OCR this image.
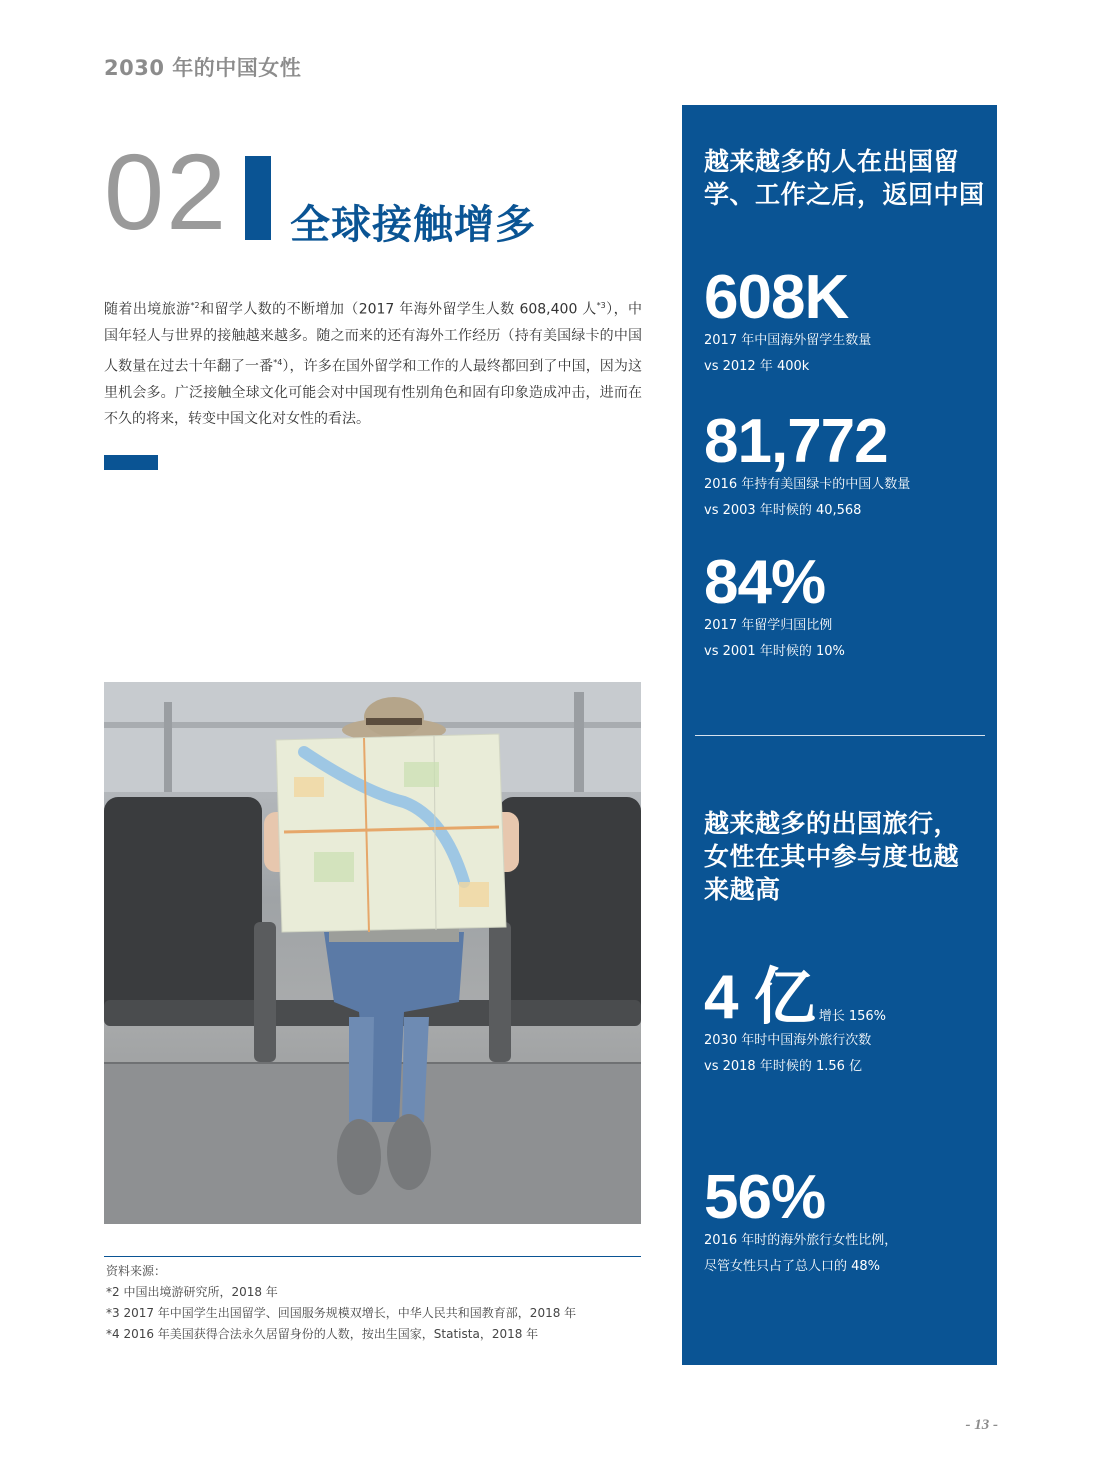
2030 年的中国女性
02 全球接触增多
随着出境旅游$^{*2}$和留学人数的不断增加（2017 年海外留学生人数 608,400 人$^{*3}$），中国年轻人与世界的接触越来越多。随之而来的还有海外工作经历（持有美国绿卡的中国人数量在过去十年翻了一番$^{*4}$），许多在国外留学和工作的人最终都回到了中国，因为这里机会多。广泛接触全球文化可能会对中国现有性别角色和固有印象造成冲击，进而在不久的将来，转变中国文化对女性的看法。
资料来源：
*2 中国出境游研究所，2018 年
*3 2017 年中国学生出国留学、回国服务规模双增长，中华人民共和国教育部，2018 年
*4 2016 年美国获得合法永久居留身份的人数，按出生国家，Statista，2018 年
越来越多的人在出国留
学、工作之后，返回中国
608K
2017 年中国海外留学生数量
vs 2012 年 400k
81,772
2016 年持有美国绿卡的中国人数量
vs 2003 年时候的 40,568
84%
2017 年留学归国比例
vs 2001 年时候的 10%
越来越多的出国旅行，
女性在其中参与度也越
来越高
4 亿 增长 156%
2030 年时中国海外旅行次数
vs 2018 年时候的 1.56 亿
56%
2016 年时的海外旅行女性比例，
尽管女性只占了总人口的 48%
- 13 -
